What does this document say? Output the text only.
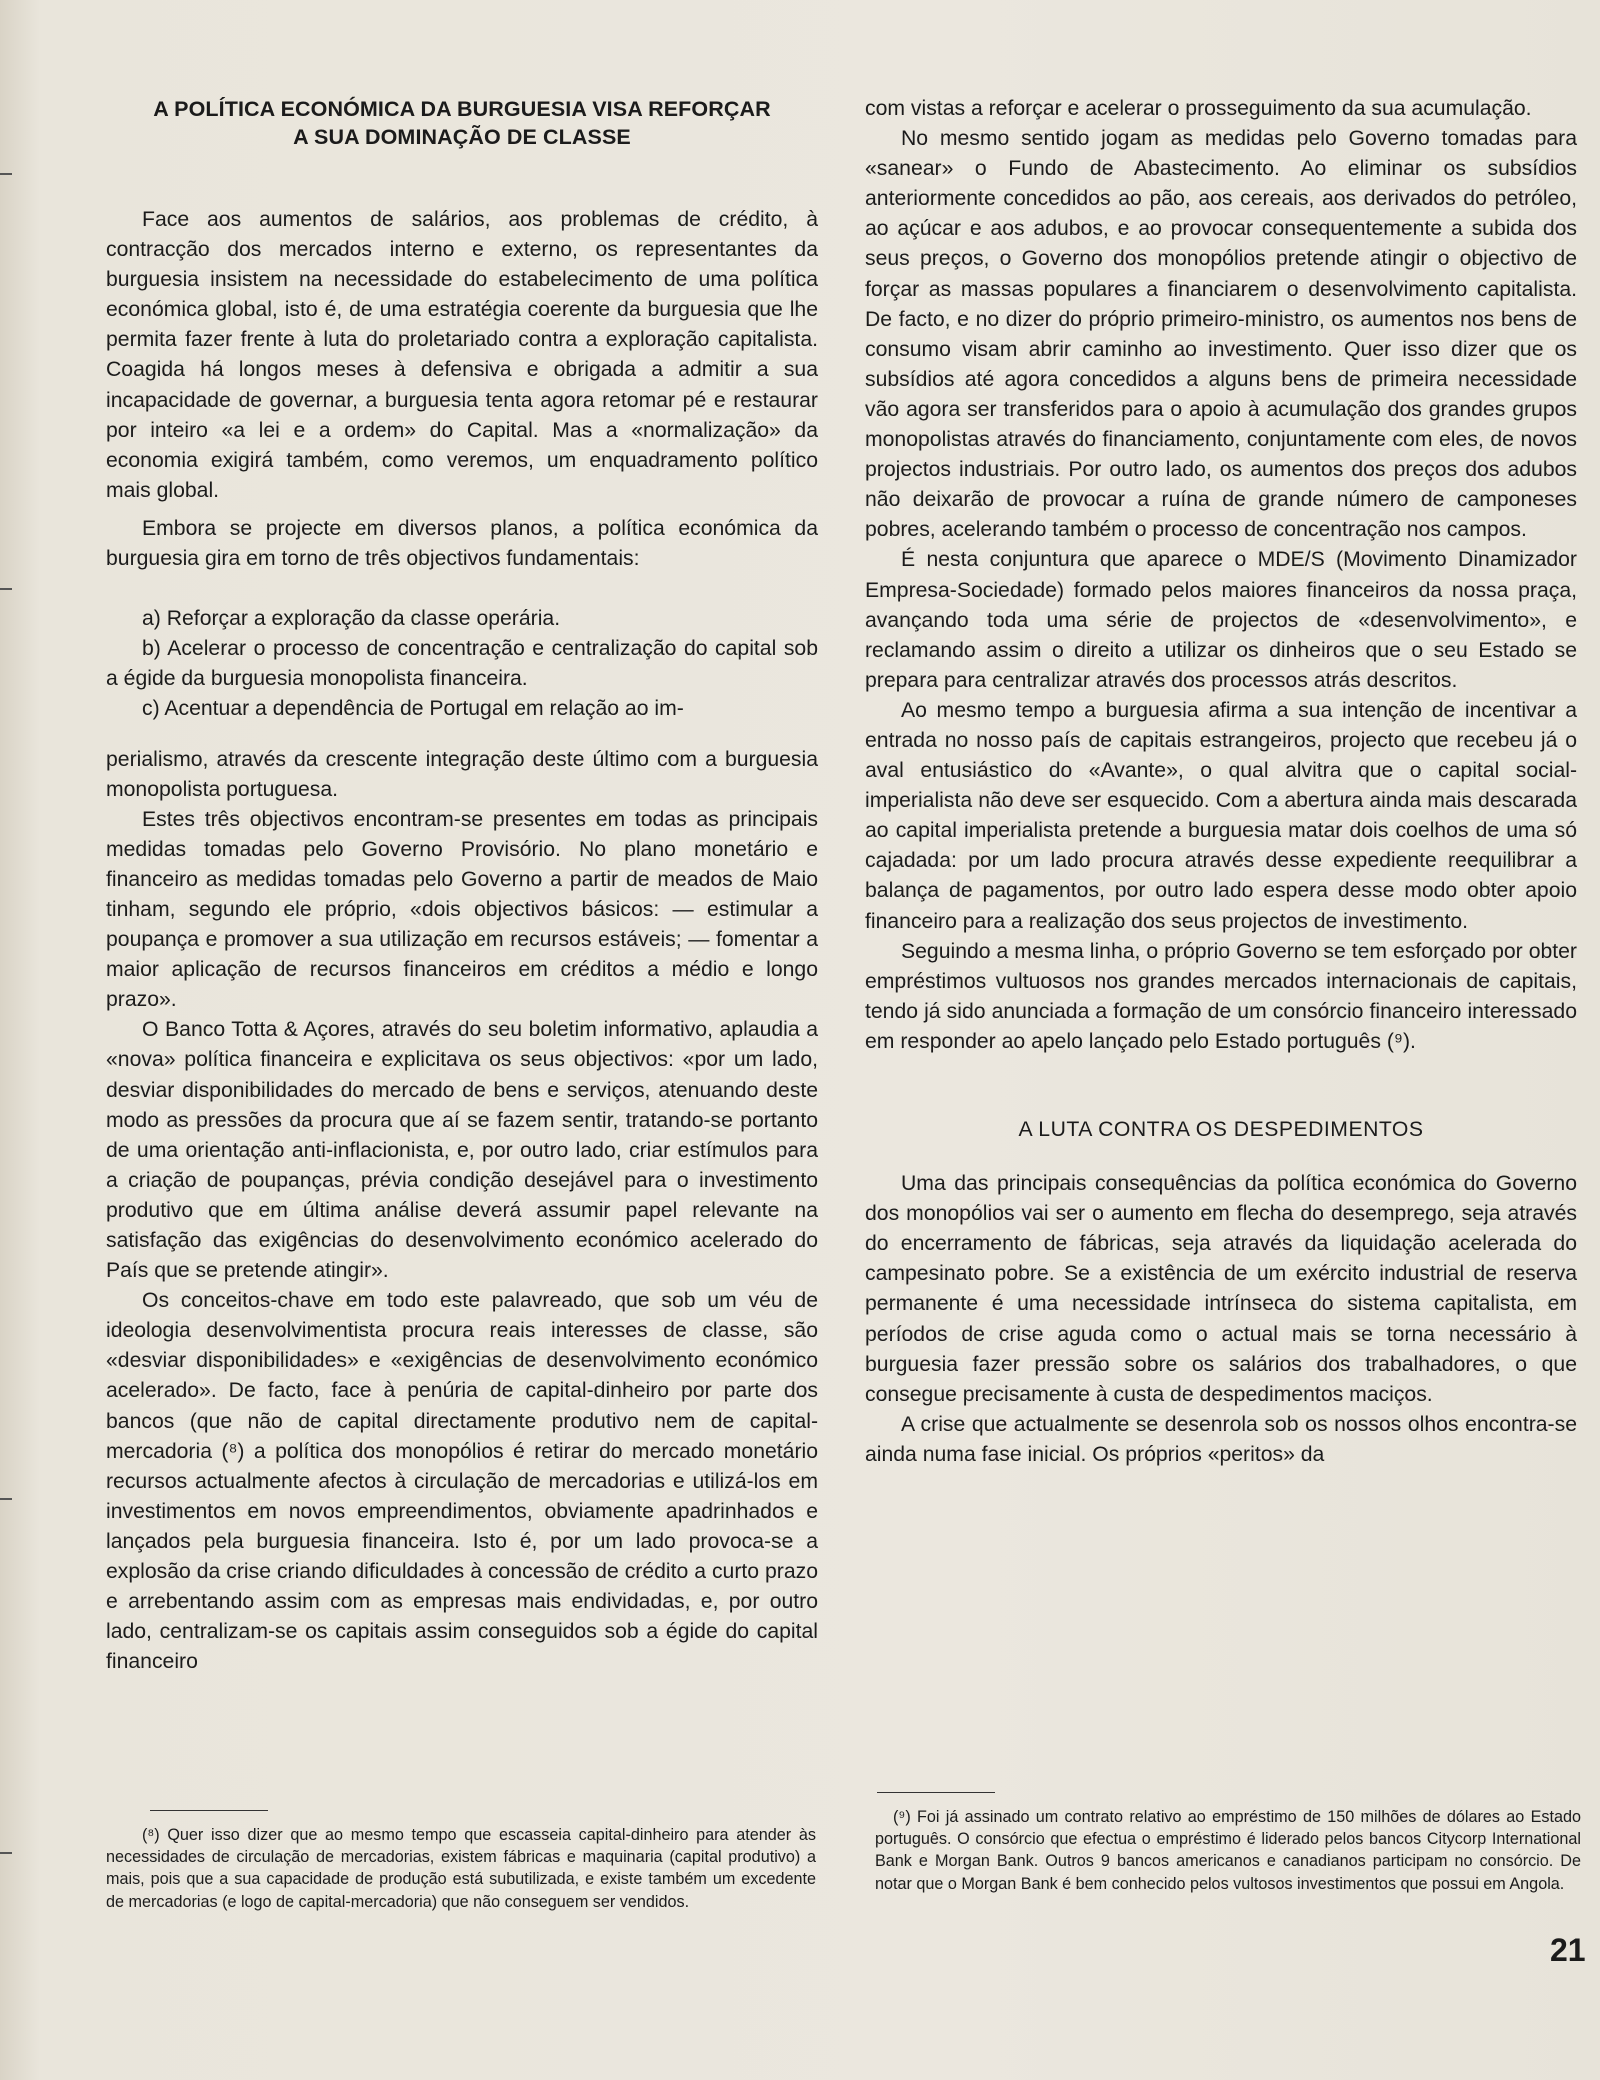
A POLÍTICA ECONÓMICA DA BURGUESIA VISA REFORÇAR
A SUA DOMINAÇÃO DE CLASSE

Face aos aumentos de salários, aos problemas de crédito, à contracção dos mercados interno e externo, os representantes da burguesia insistem na necessidade do estabelecimento de uma política económica global, isto é, de uma estratégia coerente da burguesia que lhe permita fazer frente à luta do proletariado contra a exploração capitalista. Coagida há longos meses à defensiva e obrigada a admitir a sua incapacidade de governar, a burguesia tenta agora retomar pé e restaurar por inteiro «a lei e a ordem» do Capital. Mas a «normalização» da economia exigirá também, como veremos, um enquadramento político mais global.

Embora se projecte em diversos planos, a política económica da burguesia gira em torno de três objectivos fundamentais:

a) Reforçar a exploração da classe operária.

b) Acelerar o processo de concentração e centralização do capital sob a égide da burguesia monopolista financeira.

c) Acentuar a dependência de Portugal em relação ao im-

perialismo, através da crescente integração deste último com a burguesia monopolista portuguesa.

Estes três objectivos encontram-se presentes em todas as principais medidas tomadas pelo Governo Provisório. No plano monetário e financeiro as medidas tomadas pelo Governo a partir de meados de Maio tinham, segundo ele próprio, «dois objectivos básicos: — estimular a poupança e promover a sua utilização em recursos estáveis; — fomentar a maior aplicação de recursos financeiros em créditos a médio e longo prazo».

O Banco Totta & Açores, através do seu boletim informativo, aplaudia a «nova» política financeira e explicitava os seus objectivos: «por um lado, desviar disponibilidades do mercado de bens e serviços, atenuando deste modo as pressões da procura que aí se fazem sentir, tratando-se portanto de uma orientação anti-inflacionista, e, por outro lado, criar estímulos para a criação de poupanças, prévia condição desejável para o investimento produtivo que em última análise deverá assumir papel relevante na satisfação das exigências do desenvolvimento económico acelerado do País que se pretende atingir».

Os conceitos-chave em todo este palavreado, que sob um véu de ideologia desenvolvimentista procura reais interesses de classe, são «desviar disponibilidades» e «exigências de desenvolvimento económico acelerado». De facto, face à penúria de capital-dinheiro por parte dos bancos (que não de capital directamente produtivo nem de capital-mercadoria (⁸) a política dos monopólios é retirar do mercado monetário recursos actualmente afectos à circulação de mercadorias e utilizá-los em investimentos em novos empreendimentos, obviamente apadrinhados e lançados pela burguesia financeira. Isto é, por um lado provoca-se a explosão da crise criando dificuldades à concessão de crédito a curto prazo e arrebentando assim com as empresas mais endividadas, e, por outro lado, centralizam-se os capitais assim conseguidos sob a égide do capital financeiro

(⁸) Quer isso dizer que ao mesmo tempo que escasseia capital-dinheiro para atender às necessidades de circulação de mercadorias, existem fábricas e maquinaria (capital produtivo) a mais, pois que a sua capacidade de produção está subutilizada, e existe também um excedente de mercadorias (e logo de capital-mercadoria) que não conseguem ser vendidos.

com vistas a reforçar e acelerar o prosseguimento da sua acumulação.

No mesmo sentido jogam as medidas pelo Governo tomadas para «sanear» o Fundo de Abastecimento. Ao eliminar os subsídios anteriormente concedidos ao pão, aos cereais, aos derivados do petróleo, ao açúcar e aos adubos, e ao provocar consequentemente a subida dos seus preços, o Governo dos monopólios pretende atingir o objectivo de forçar as massas populares a financiarem o desenvolvimento capitalista. De facto, e no dizer do próprio primeiro-ministro, os aumentos nos bens de consumo visam abrir caminho ao investimento. Quer isso dizer que os subsídios até agora concedidos a alguns bens de primeira necessidade vão agora ser transferidos para o apoio à acumulação dos grandes grupos monopolistas através do financiamento, conjuntamente com eles, de novos projectos industriais. Por outro lado, os aumentos dos preços dos adubos não deixarão de provocar a ruína de grande número de camponeses pobres, acelerando também o processo de concentração nos campos.

É nesta conjuntura que aparece o MDE/S (Movimento Dinamizador Empresa-Sociedade) formado pelos maiores financeiros da nossa praça, avançando toda uma série de projectos de «desenvolvimento», e reclamando assim o direito a utilizar os dinheiros que o seu Estado se prepara para centralizar através dos processos atrás descritos.

Ao mesmo tempo a burguesia afirma a sua intenção de incentivar a entrada no nosso país de capitais estrangeiros, projecto que recebeu já o aval entusiástico do «Avante», o qual alvitra que o capital social-imperialista não deve ser esquecido. Com a abertura ainda mais descarada ao capital imperialista pretende a burguesia matar dois coelhos de uma só cajadada: por um lado procura através desse expediente reequilibrar a balança de pagamentos, por outro lado espera desse modo obter apoio financeiro para a realização dos seus projectos de investimento.

Seguindo a mesma linha, o próprio Governo se tem esforçado por obter empréstimos vultuosos nos grandes mercados internacionais de capitais, tendo já sido anunciada a formação de um consórcio financeiro interessado em responder ao apelo lançado pelo Estado português (⁹).

A LUTA CONTRA OS DESPEDIMENTOS

Uma das principais consequências da política económica do Governo dos monopólios vai ser o aumento em flecha do desemprego, seja através do encerramento de fábricas, seja através da liquidação acelerada do campesinato pobre. Se a existência de um exército industrial de reserva permanente é uma necessidade intrínseca do sistema capitalista, em períodos de crise aguda como o actual mais se torna necessário à burguesia fazer pressão sobre os salários dos trabalhadores, o que consegue precisamente à custa de despedimentos maciços.

A crise que actualmente se desenrola sob os nossos olhos encontra-se ainda numa fase inicial. Os próprios «peritos» da

(⁹) Foi já assinado um contrato relativo ao empréstimo de 150 milhões de dólares ao Estado português. O consórcio que efectua o empréstimo é liderado pelos bancos Citycorp International Bank e Morgan Bank. Outros 9 bancos americanos e canadianos participam no consórcio. De notar que o Morgan Bank é bem conhecido pelos vultosos investimentos que possui em Angola.
21
